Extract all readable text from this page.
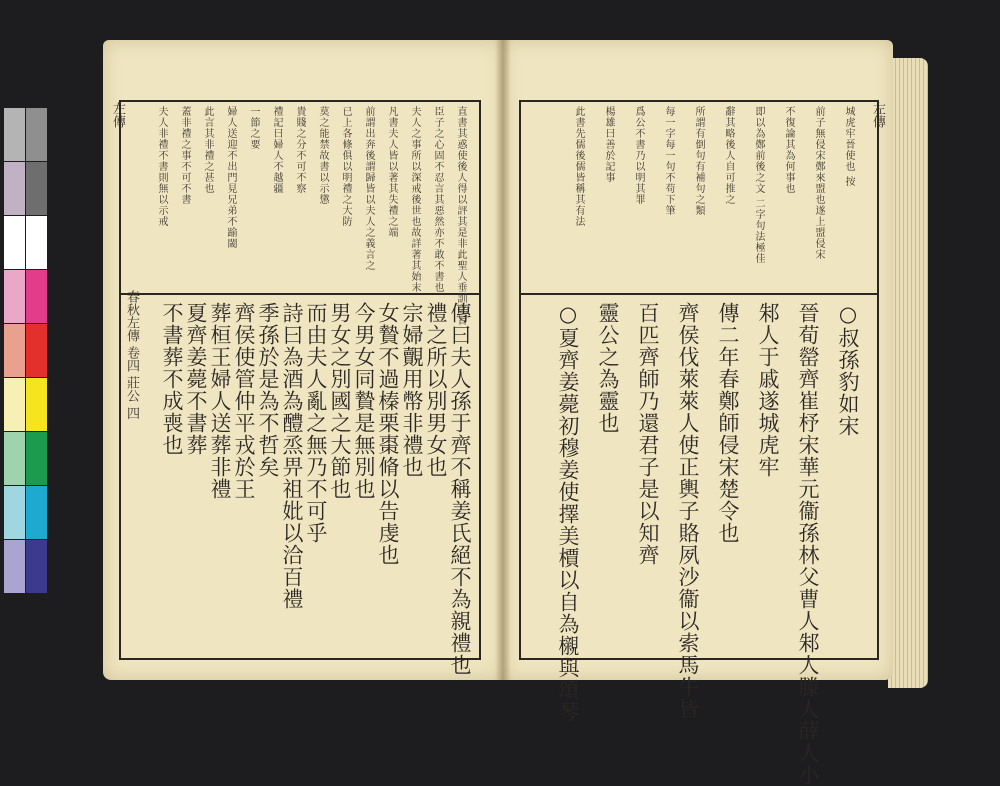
左傳
春秋左傳 卷四 莊公 四
直書其惑使後人得以評其是非此聖人垂訓之旨
臣子之心固不忍言其惡然亦不敢不書也
夫人之事所以深戒後世也故詳著其始末
凡書夫人皆以著其失禮之端
前謂出奔後謂歸皆以夫人之義言之
已上各條俱以明禮之大防
莫之能禁故書以示懲
貴賤之分不可不察
禮記曰婦人不越疆
一節之要
婦人送迎不出門見兄弟不踰閾
此言其非禮之甚也
蓋非禮之事不可不書
夫人非禮不書則無以示戒
傳曰夫人孫于齊不稱姜氏絕不為親禮也
禮之所以別男女也
宗婦覿用幣非禮也
女贄不過榛栗棗脩以告虔也
今男女同贄是無別也
男女之別國之大節也
而由夫人亂之無乃不可乎
詩曰為酒為醴烝畀祖妣以洽百禮
季孫於是為不哲矣
齊侯使管仲平戎於王
葬桓王婦人送葬非禮
夏齊姜薨不書葬
不書葬不成喪也
左傳
城虎牢晉使也 按
前子無侵宋鄭來盟也遂上盟侵宋
不復論其為何事也
即以為鄭前後之文 二字句法極佳
辭其略後人自可推之
所謂有倒句有補句之類
每一字每一句不苟下筆
爲公不書乃以明其罪
楊雄曰善於記事
此書先儒後儒皆稱其有法
○叔孫豹如宋
晉荀罃齊崔杼宋華元衞孫林父曹人邾人滕人薛人小
邾人于戚遂城虎牢
傳二年春鄭師侵宋楚令也
齊侯伐萊萊人使正輿子賂夙沙衞以索馬牛皆
百匹齊師乃還君子是以知齊
靈公之為靈也
○夏齊姜薨初穆姜使擇美檟以自為櫬與頌琴
